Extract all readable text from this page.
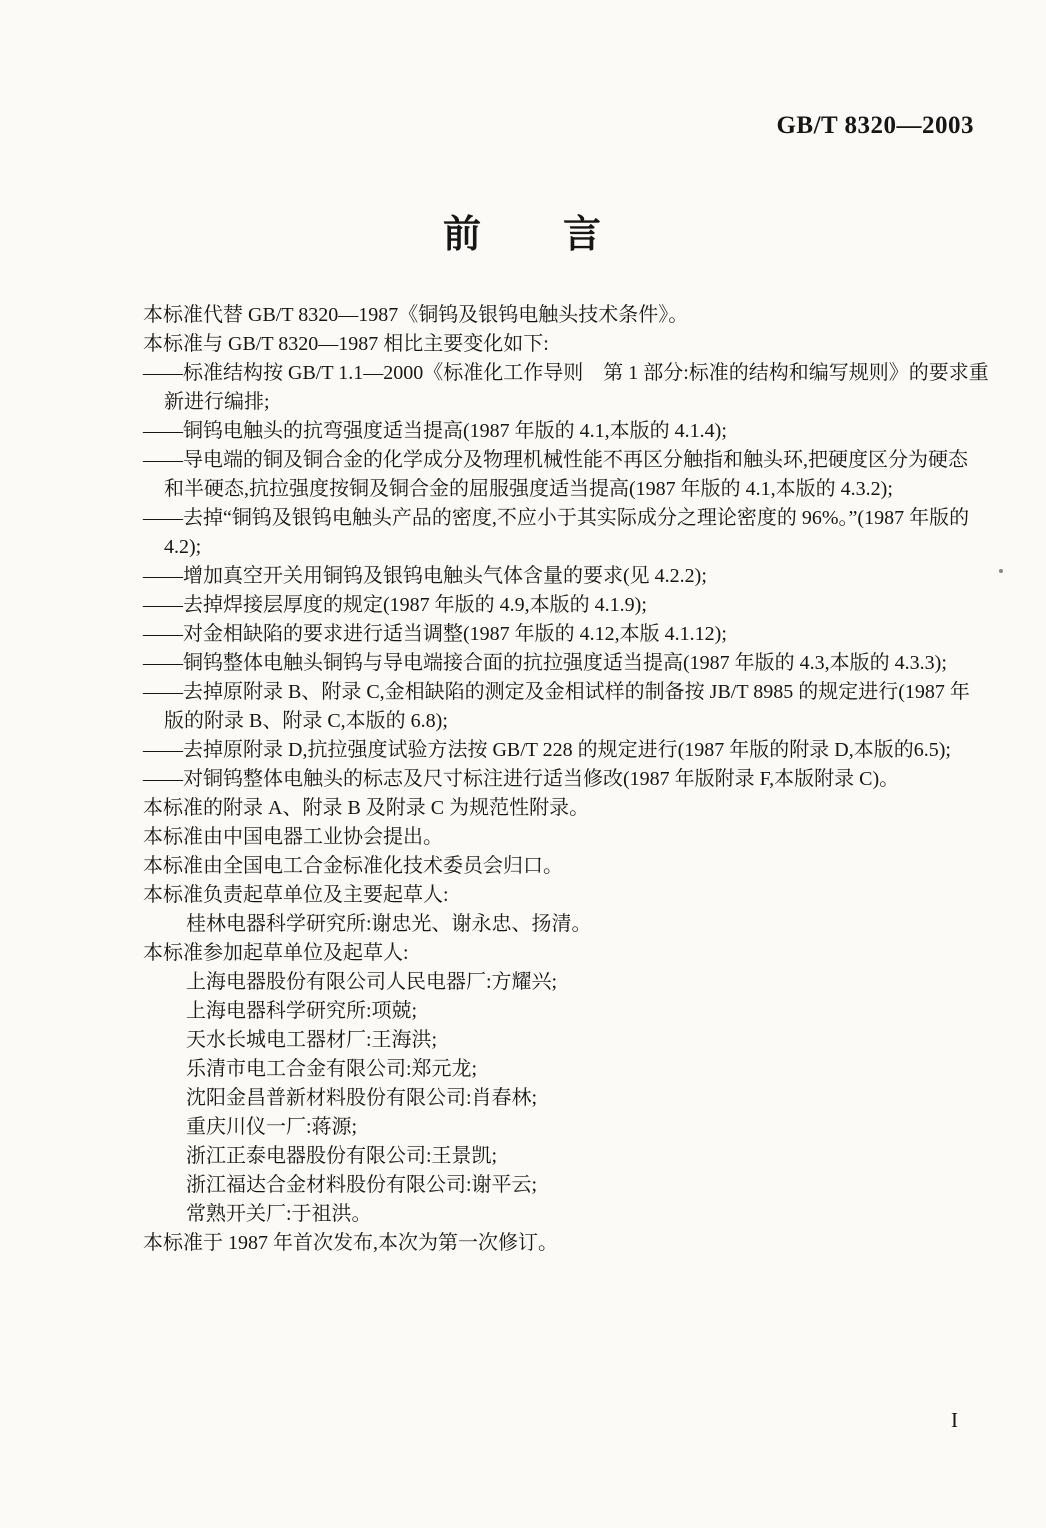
GB/T 8320—2003
前　　言
本标准代替 GB/T 8320—1987《铜钨及银钨电触头技术条件》。
本标准与 GB/T 8320—1987 相比主要变化如下:
——标准结构按 GB/T 1.1—2000《标准化工作导则　第 1 部分:标准的结构和编写规则》的要求重
新进行编排;
——铜钨电触头的抗弯强度适当提高(1987 年版的 4.1,本版的 4.1.4);
——导电端的铜及铜合金的化学成分及物理机械性能不再区分触指和触头环,把硬度区分为硬态
和半硬态,抗拉强度按铜及铜合金的屈服强度适当提高(1987 年版的 4.1,本版的 4.3.2);
——去掉“铜钨及银钨电触头产品的密度,不应小于其实际成分之理论密度的 96%。”(1987 年版的
4.2);
——增加真空开关用铜钨及银钨电触头气体含量的要求(见 4.2.2);
——去掉焊接层厚度的规定(1987 年版的 4.9,本版的 4.1.9);
——对金相缺陷的要求进行适当调整(1987 年版的 4.12,本版 4.1.12);
——铜钨整体电触头铜钨与导电端接合面的抗拉强度适当提高(1987 年版的 4.3,本版的 4.3.3);
——去掉原附录 B、附录 C,金相缺陷的测定及金相试样的制备按 JB/T 8985 的规定进行(1987 年
版的附录 B、附录 C,本版的 6.8);
——去掉原附录 D,抗拉强度试验方法按 GB/T 228 的规定进行(1987 年版的附录 D,本版的6.5);
——对铜钨整体电触头的标志及尺寸标注进行适当修改(1987 年版附录 F,本版附录 C)。
本标准的附录 A、附录 B 及附录 C 为规范性附录。
本标准由中国电器工业协会提出。
本标准由全国电工合金标准化技术委员会归口。
本标准负责起草单位及主要起草人:
桂林电器科学研究所:谢忠光、谢永忠、扬清。
本标准参加起草单位及起草人:
上海电器股份有限公司人民电器厂:方耀兴;
上海电器科学研究所:项兢;
天水长城电工器材厂:王海洪;
乐清市电工合金有限公司:郑元龙;
沈阳金昌普新材料股份有限公司:肖春林;
重庆川仪一厂:蒋源;
浙江正泰电器股份有限公司:王景凯;
浙江福达合金材料股份有限公司:谢平云;
常熟开关厂:于祖洪。
本标准于 1987 年首次发布,本次为第一次修订。
I
